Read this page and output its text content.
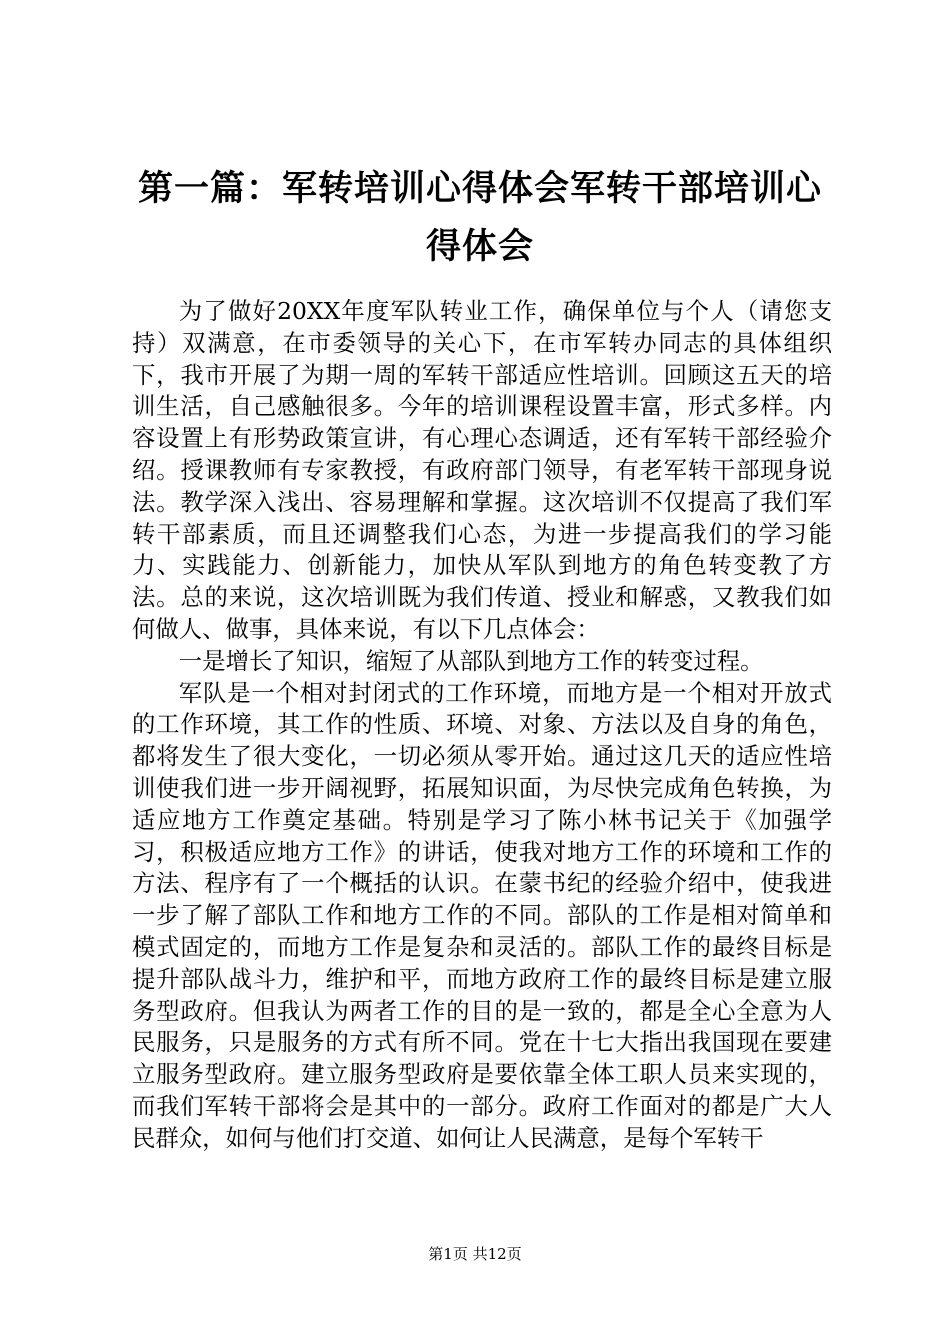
第一篇：军转培训心得体会军转干部培训心得体会

为了做好20XX年度军队转业工作，确保单位与个人（请您支持）双满意，在市委领导的关心下，在市军转办同志的具体组织下，我市开展了为期一周的军转干部适应性培训。回顾这五天的培训生活，自己感触很多。今年的培训课程设置丰富，形式多样。内容设置上有形势政策宣讲，有心理心态调适，还有军转干部经验介绍。授课教师有专家教授，有政府部门领导，有老军转干部现身说法。教学深入浅出、容易理解和掌握。这次培训不仅提高了我们军转干部素质，而且还调整我们心态，为进一步提高我们的学习能力、实践能力、创新能力，加快从军队到地方的角色转变教了方法。总的来说，这次培训既为我们传道、授业和解惑，又教我们如何做人、做事，具体来说，有以下几点体会：

一是增长了知识，缩短了从部队到地方工作的转变过程。

军队是一个相对封闭式的工作环境，而地方是一个相对开放式的工作环境，其工作的性质、环境、对象、方法以及自身的角色，都将发生了很大变化，一切必须从零开始。通过这几天的适应性培训使我们进一步开阔视野，拓展知识面，为尽快完成角色转换，为适应地方工作奠定基础。特别是学习了陈小林书记关于《加强学习，积极适应地方工作》的讲话，使我对地方工作的环境和工作的方法、程序有了一个概括的认识。在蒙书纪的经验介绍中，使我进一步了解了部队工作和地方工作的不同。部队的工作是相对简单和模式固定的，而地方工作是复杂和灵活的。部队工作的最终目标是提升部队战斗力，维护和平，而地方政府工作的最终目标是建立服务型政府。但我认为两者工作的目的是一致的，都是全心全意为人民服务，只是服务的方式有所不同。党在十七大指出我国现在要建立服务型政府。建立服务型政府是要依靠全体工职人员来实现的，而我们军转干部将会是其中的一部分。政府工作面对的都是广大人民群众，如何与他们打交道、如何让人民满意，是每个军转干

第1页 共12页
